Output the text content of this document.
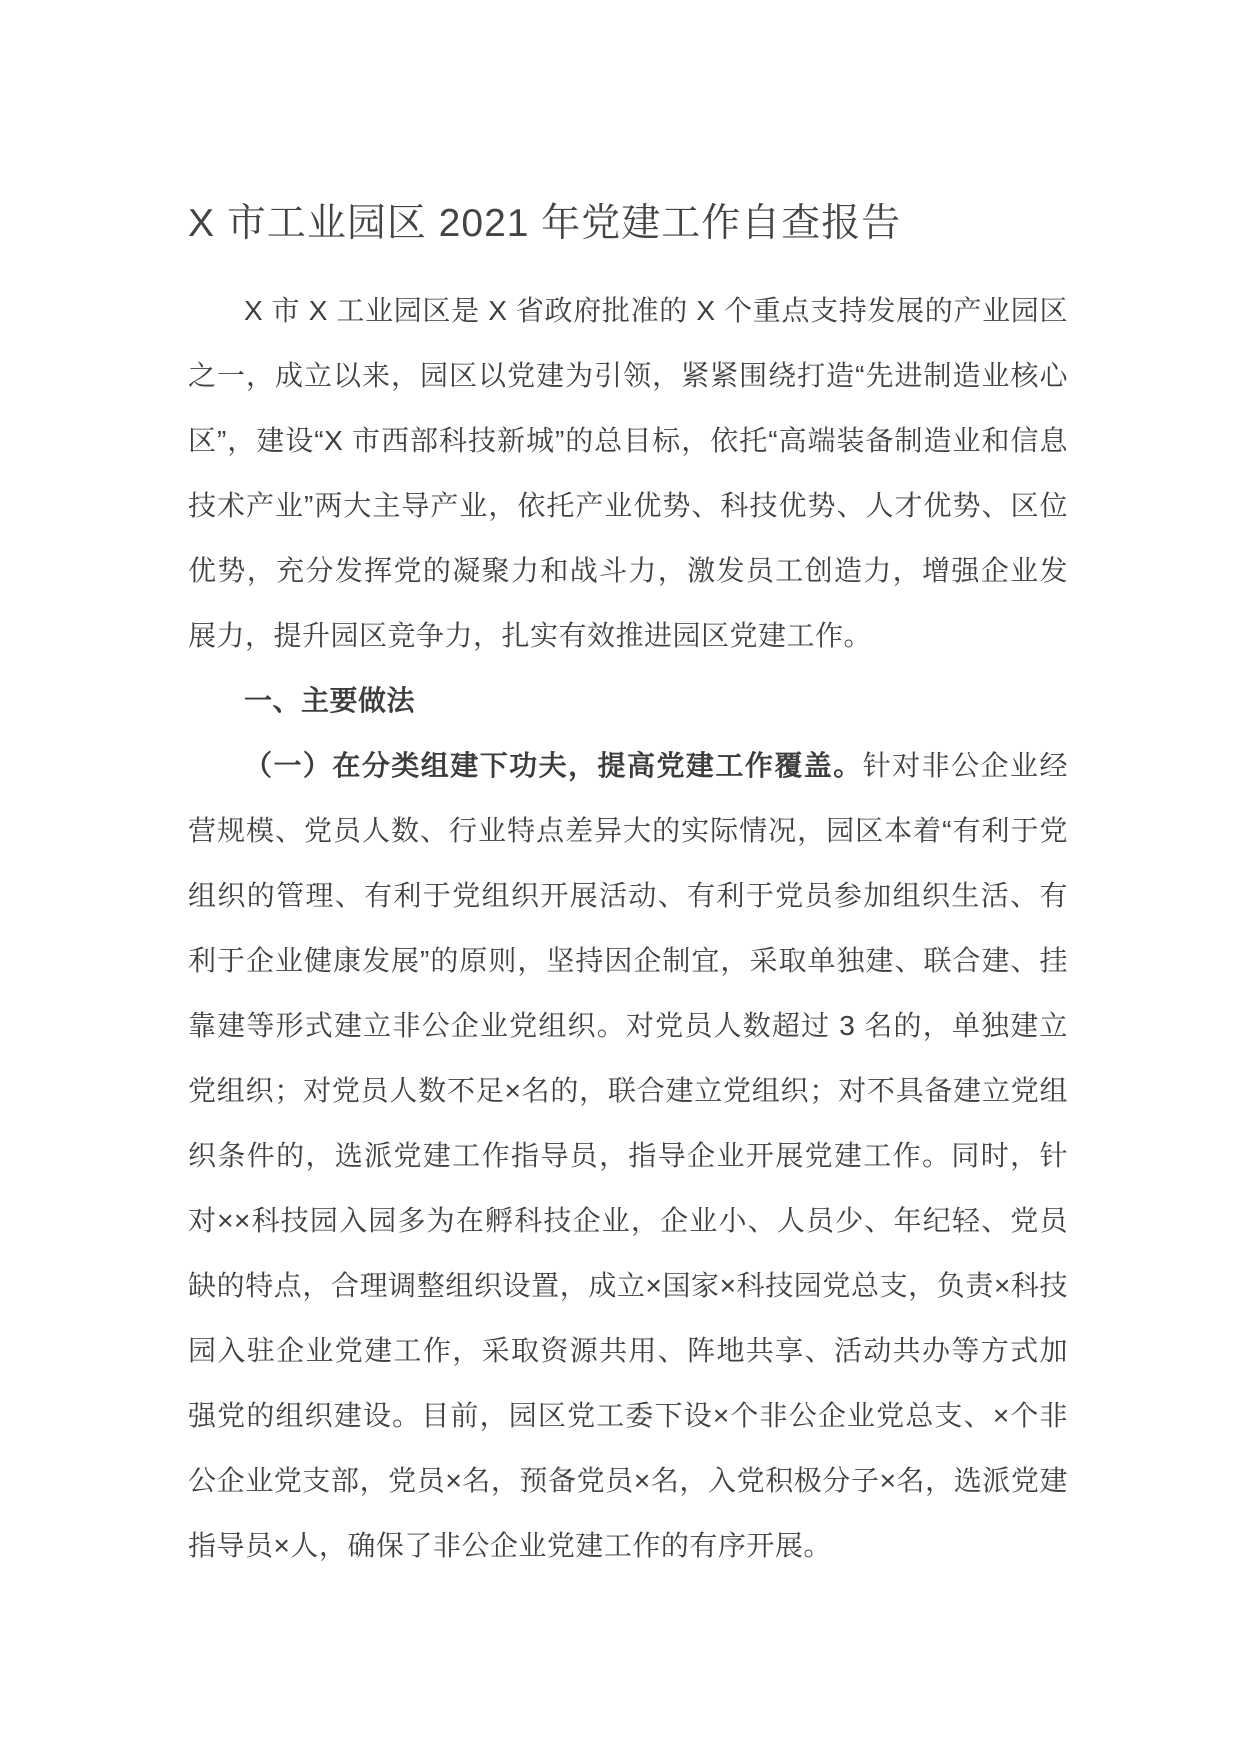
X 市工业园区 2021 年党建工作自查报告

X 市 X 工业园区是 X 省政府批准的 X 个重点支持发展的产业园区之一，成立以来，园区以党建为引领，紧紧围绕打造“先进制造业核心区”，建设“X 市西部科技新城”的总目标，依托“高端装备制造业和信息技术产业”两大主导产业，依托产业优势、科技优势、人才优势、区位优势，充分发挥党的凝聚力和战斗力，激发员工创造力，增强企业发展力，提升园区竞争力，扎实有效推进园区党建工作。

一、主要做法

（一）在分类组建下功夫，提高党建工作覆盖。针对非公企业经营规模、党员人数、行业特点差异大的实际情况，园区本着“有利于党组织的管理、有利于党组织开展活动、有利于党员参加组织生活、有利于企业健康发展”的原则，坚持因企制宜，采取单独建、联合建、挂靠建等形式建立非公企业党组织。对党员人数超过 3 名的，单独建立党组织；对党员人数不足×名的，联合建立党组织；对不具备建立党组织条件的，选派党建工作指导员，指导企业开展党建工作。同时，针对××科技园入园多为在孵科技企业，企业小、人员少、年纪轻、党员缺的特点，合理调整组织设置，成立×国家×科技园党总支，负责×科技园入驻企业党建工作，采取资源共用、阵地共享、活动共办等方式加强党的组织建设。目前，园区党工委下设×个非公企业党总支、×个非公企业党支部，党员×名，预备党员×名，入党积极分子×名，选派党建指导员×人，确保了非公企业党建工作的有序开展。
